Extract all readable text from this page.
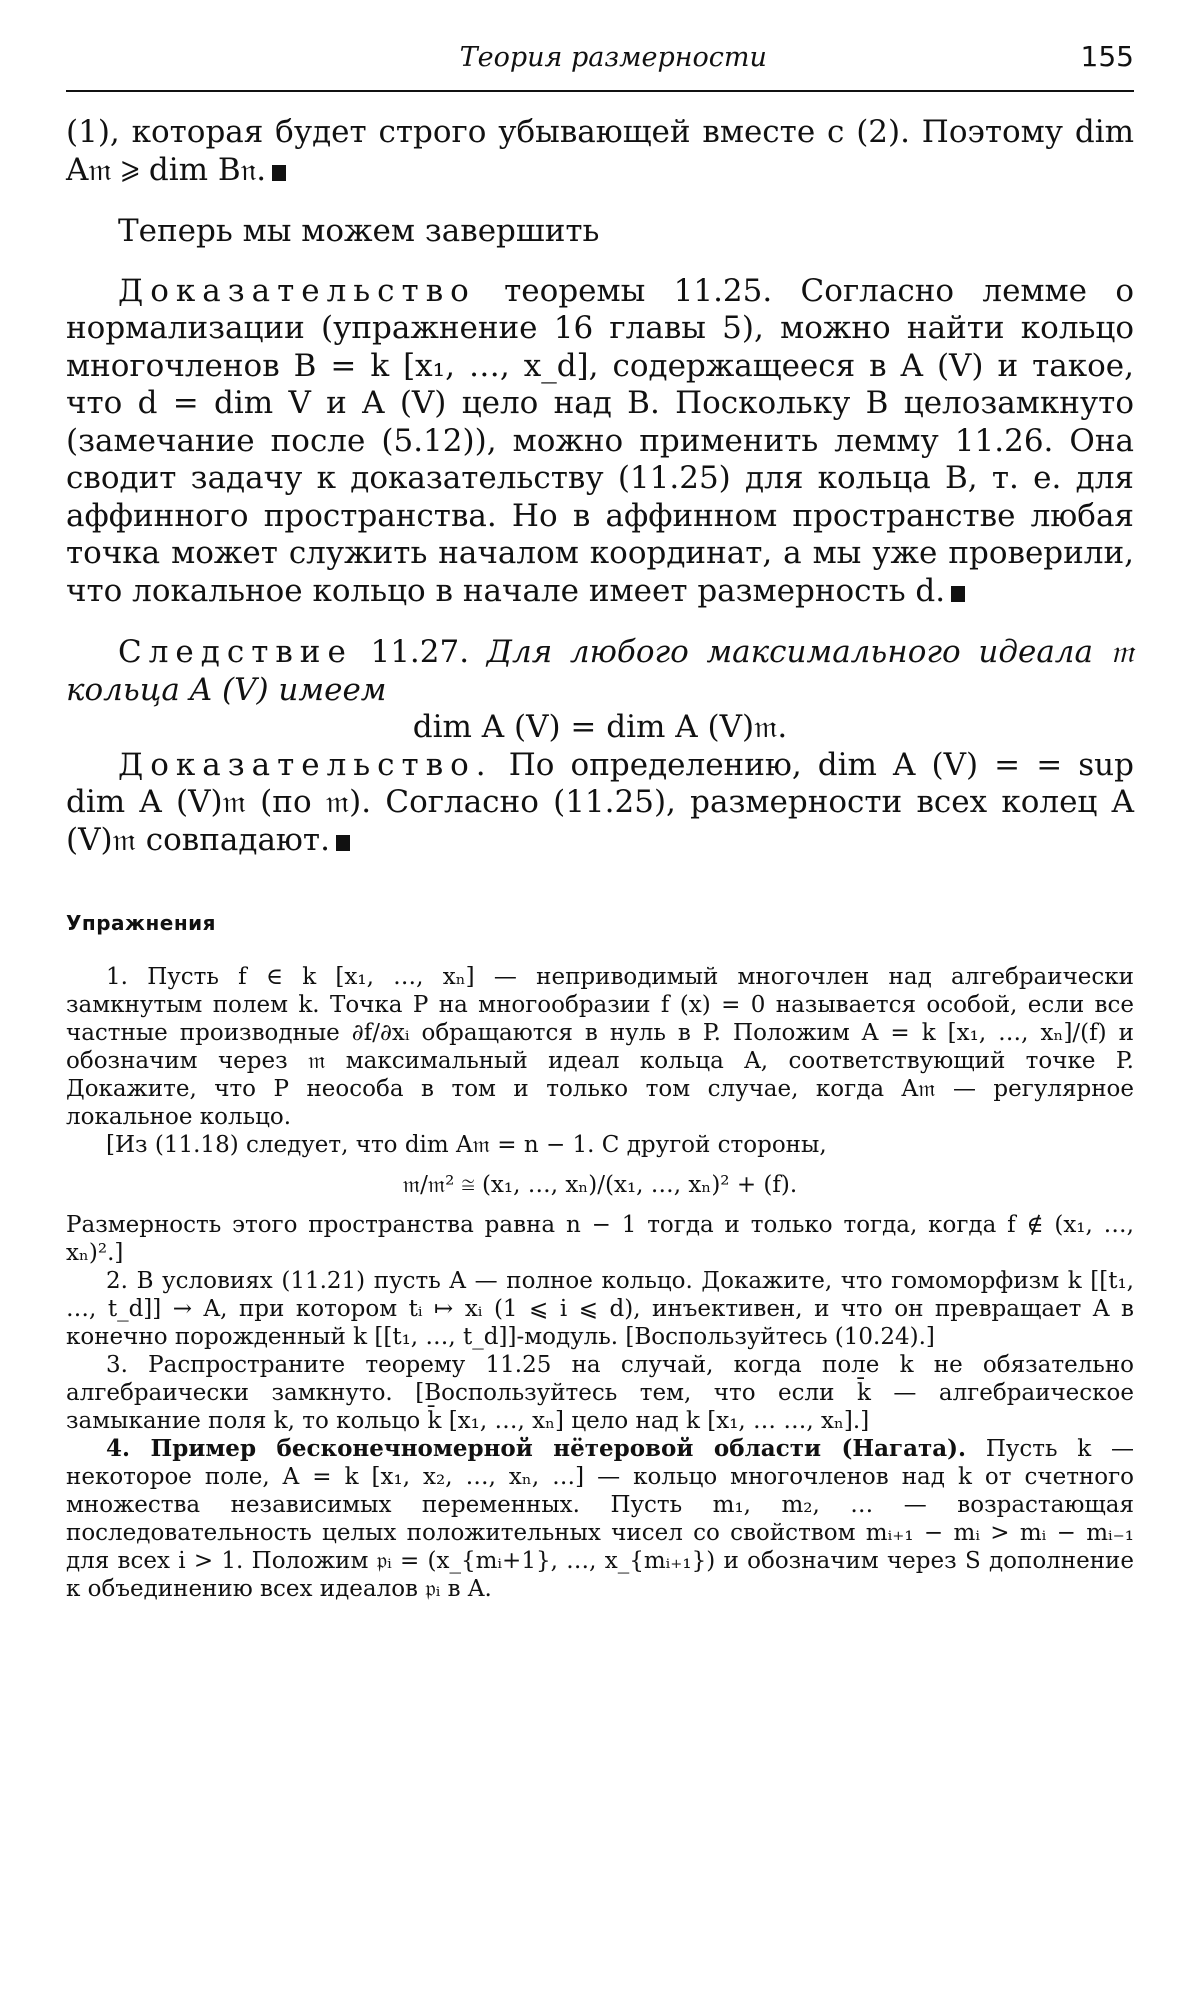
Теория размерности	155

(1), которая будет строго убывающей вместе с (2). Поэтому dim A𝔪 ⩾ dim B𝔫.

Теперь мы можем завершить

Доказательство теоремы 11.25. Согласно лемме о нормализации (упражнение 16 главы 5), можно найти кольцо многочленов B = k [x₁, …, x_d], содержащееся в A (V) и такое, что d = dim V и A (V) цело над B. Поскольку B целозамкнуто (замечание после (5.12)), можно применить лемму 11.26. Она сводит задачу к доказательству (11.25) для кольца B, т. е. для аффинного пространства. Но в аффинном пространстве любая точка может служить началом координат, а мы уже проверили, что локальное кольцо в начале имеет размерность d.

Следствие 11.27. Для любого максимального идеала 𝔪 кольца A (V) имеем

dim A (V) = dim A (V)𝔪.

Доказательство. По определению, dim A (V) = = sup dim A (V)𝔪 (по 𝔪). Согласно (11.25), размерности всех колец A (V)𝔪 совпадают.

Упражнения

1. Пусть f ∈ k [x₁, …, xₙ] — неприводимый многочлен над алгебраически замкнутым полем k. Точка P на многообразии f (x) = 0 называется особой, если все частные производные ∂f/∂xᵢ обращаются в нуль в P. Положим A = k [x₁, …, xₙ]/(f) и обозначим через 𝔪 максимальный идеал кольца A, соответствующий точке P. Докажите, что P неособа в том и только том случае, когда A𝔪 — регулярное локальное кольцо.

[Из (11.18) следует, что dim A𝔪 = n − 1. С другой стороны,

𝔪/𝔪² ≅ (x₁, …, xₙ)/(x₁, …, xₙ)² + (f).

Размерность этого пространства равна n − 1 тогда и только тогда, когда f ∉ (x₁, …, xₙ)².]

2. В условиях (11.21) пусть A — полное кольцо. Докажите, что гомоморфизм k [[t₁, …, t_d]] → A, при котором tᵢ ↦ xᵢ (1 ⩽ i ⩽ d), инъективен, и что он превращает A в конечно порожденный k [[t₁, …, t_d]]-модуль. [Воспользуйтесь (10.24).]

3. Распространите теорему 11.25 на случай, когда поле k не обязательно алгебраически замкнуто. [Воспользуйтесь тем, что если k̄ — алгебраическое замыкание поля k, то кольцо k̄ [x₁, …, xₙ] цело над k [x₁, … …, xₙ].]

4. Пример бесконечномерной нётеровой области (Нагата). Пусть k — некоторое поле, A = k [x₁, x₂, …, xₙ, …] — кольцо многочленов над k от счетного множества независимых переменных. Пусть m₁, m₂, … — возрастающая последовательность целых положительных чисел со свойством mᵢ₊₁ − mᵢ > mᵢ − mᵢ₋₁ для всех i > 1. Положим 𝔭ᵢ = (x_{mᵢ+1}, …, x_{mᵢ₊₁}) и обозначим через S дополнение к объединению всех идеалов 𝔭ᵢ в A.
